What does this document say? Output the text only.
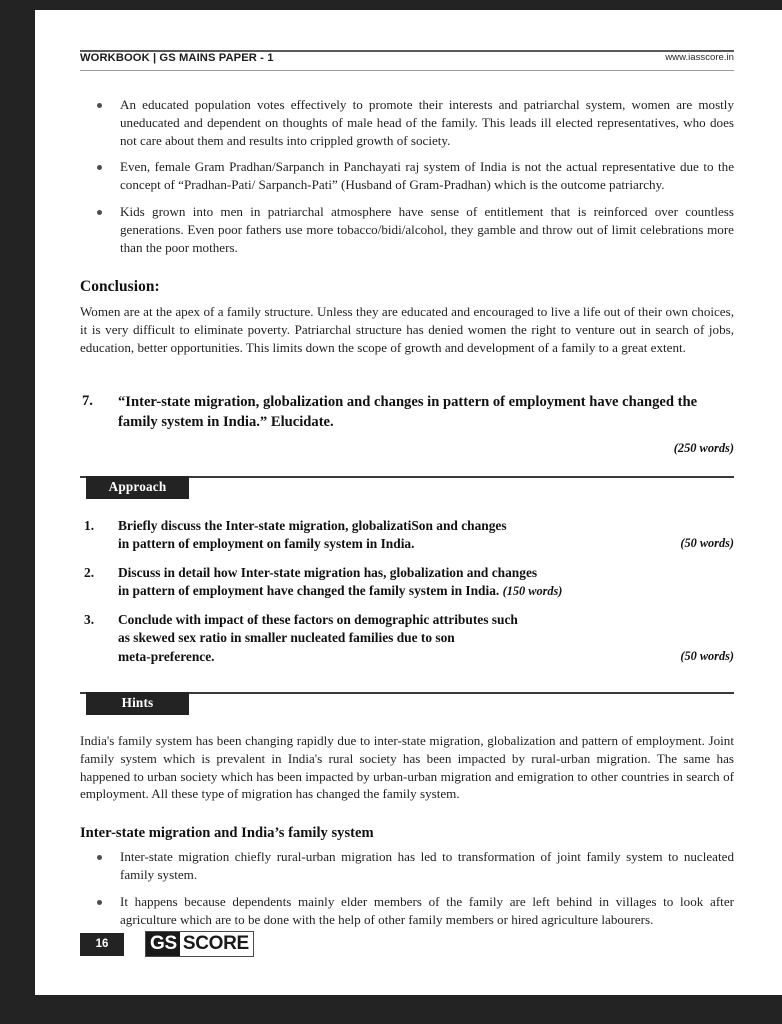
WORKBOOK | GS MAINS PAPER - 1	www.iasscore.in
An educated population votes effectively to promote their interests and patriarchal system, women are mostly uneducated and dependent on thoughts of male head of the family. This leads ill elected representatives, who does not care about them and results into crippled growth of society.
Even, female Gram Pradhan/Sarpanch in Panchayati raj system of India is not the actual representative due to the concept of “Pradhan-Pati/ Sarpanch-Pati” (Husband of Gram-Pradhan) which is the outcome patriarchy.
Kids grown into men in patriarchal atmosphere have sense of entitlement that is reinforced over countless generations. Even poor fathers use more tobacco/bidi/alcohol, they gamble and throw out of limit celebrations more than the poor mothers.
Conclusion:

Women are at the apex of a family structure. Unless they are educated and encouraged to live a life out of their own choices, it is very difficult to eliminate poverty. Patriarchal structure has denied women the right to venture out in search of jobs, education, better opportunities. This limits down the scope of growth and development of a family to a great extent.

7. “Inter-state migration, globalization and changes in pattern of employment have changed the family system in India.” Elucidate.
(250 words)
Approach
1. Briefly discuss the Inter-state migration, globalizatiSon and changes
(50 words)
in pattern of employment on family system in India.
2. Discuss in detail how Inter-state migration has, globalization and changes
in pattern of employment have changed the family system in India. (150 words)
3. Conclude with impact of these factors on demographic attributes such
as skewed sex ratio in smaller nucleated families due to son
(50 words)
meta-preference.
Hints

India's family system has been changing rapidly due to inter-state migration, globalization and pattern of employment. Joint family system which is prevalent in India's rural society has been impacted by rural-urban migration. The same has happened to urban society which has been impacted by urban-urban migration and emigration to other countries in search of employment. All these type of migration has changed the family system.

Inter-state migration and India’s family system
Inter-state migration chiefly rural-urban migration has led to transformation of joint family system to nucleated family system.
It happens because dependents mainly elder members of the family are left behind in villages to look after agriculture which are to be done with the help of other family members or hired agriculture labourers.
16	GS SCORE
